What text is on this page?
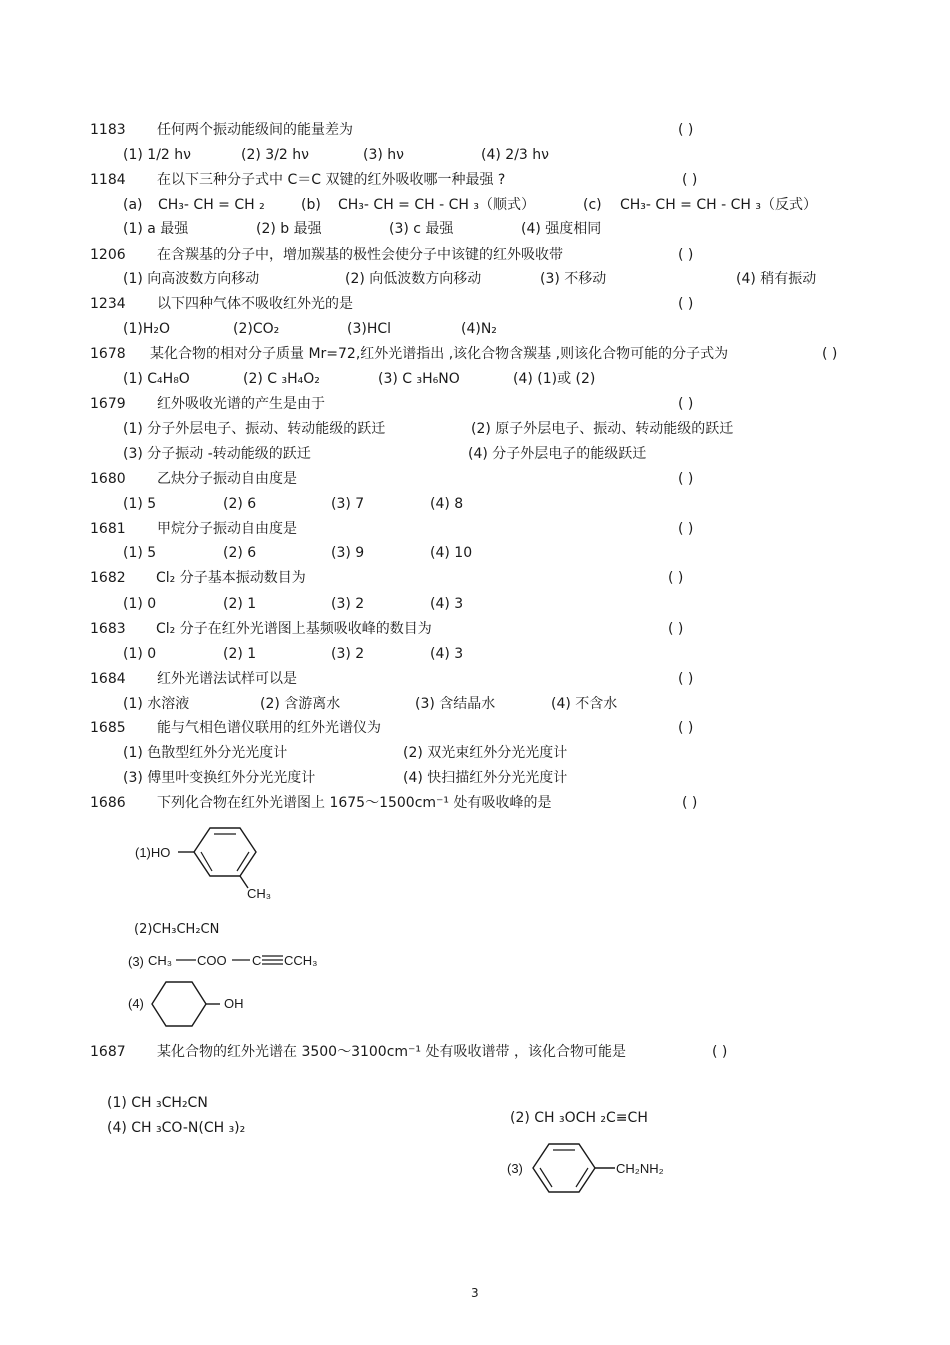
1183 任何两个振动能级间的能量差为	( )
(1) 1/2 hν	(2) 3/2 hν	(3) hν	(4) 2/3 hν
1184 在以下三种分子式中 C＝C 双键的红外吸收哪一种最强 ?	( )
(a) CH₃- CH = CH ₂	(b) CH₃- CH = CH - CH ₃（顺式）	(c) CH₃- CH = CH - CH ₃（反式）
(1) a 最强	(2) b 最强	(3) c 最强	(4) 强度相同
1206 在含羰基的分子中，增加羰基的极性会使分子中该键的红外吸收带	( )
(1) 向高波数方向移动	(2) 向低波数方向移动	(3) 不移动	(4) 稍有振动
1234 以下四种气体不吸收红外光的是	( )
(1)H₂O	(2)CO₂	(3)HCl	(4)N₂
1678 某化合物的相对分子质量 Mr=72,红外光谱指出 ,该化合物含羰基 ,则该化合物可能的分子式为	( )
(1) C₄H₈O	(2) C ₃H₄O₂	(3) C ₃H₆NO	(4) (1)或 (2)
1679 红外吸收光谱的产生是由于	( )
(1) 分子外层电子、振动、转动能级的跃迁	(2) 原子外层电子、振动、转动能级的跃迁
(3) 分子振动 -转动能级的跃迁	(4) 分子外层电子的能级跃迁
1680 乙炔分子振动自由度是	( )
(1) 5	(2) 6	(3) 7	(4) 8
1681 甲烷分子振动自由度是	( )
(1) 5	(2) 6	(3) 9	(4) 10
1682 Cl₂ 分子基本振动数目为	( )
(1) 0	(2) 1	(3) 2	(4) 3
1683 Cl₂ 分子在红外光谱图上基频吸收峰的数目为	( )
(1) 0	(2) 1	(3) 2	(4) 3
1684 红外光谱法试样可以是	( )
(1) 水溶液	(2) 含游离水	(3) 含结晶水	(4) 不含水
1685 能与气相色谱仪联用的红外光谱仪为	( )
(1) 色散型红外分光光度计	(2) 双光束红外分光光度计
(3) 傅里叶变换红外分光光度计	(4) 快扫描红外分光光度计
1686 下列化合物在红外光谱图上 1675～1500cm⁻¹ 处有吸收峰的是	( )
(1)HO
CH₃
(2)CH₃CH₂CN
(3) CH₃ COO C CCH₃
(4)	OH
1687 某化合物的红外光谱在 3500～3100cm⁻¹ 处有吸收谱带 ，该化合物可能是	( )
(1) CH ₃CH₂CN
(4) CH ₃CO-N(CH ₃)₂
(2) CH ₃OCH ₂C≡CH
(3)	CH₂NH₂
3
